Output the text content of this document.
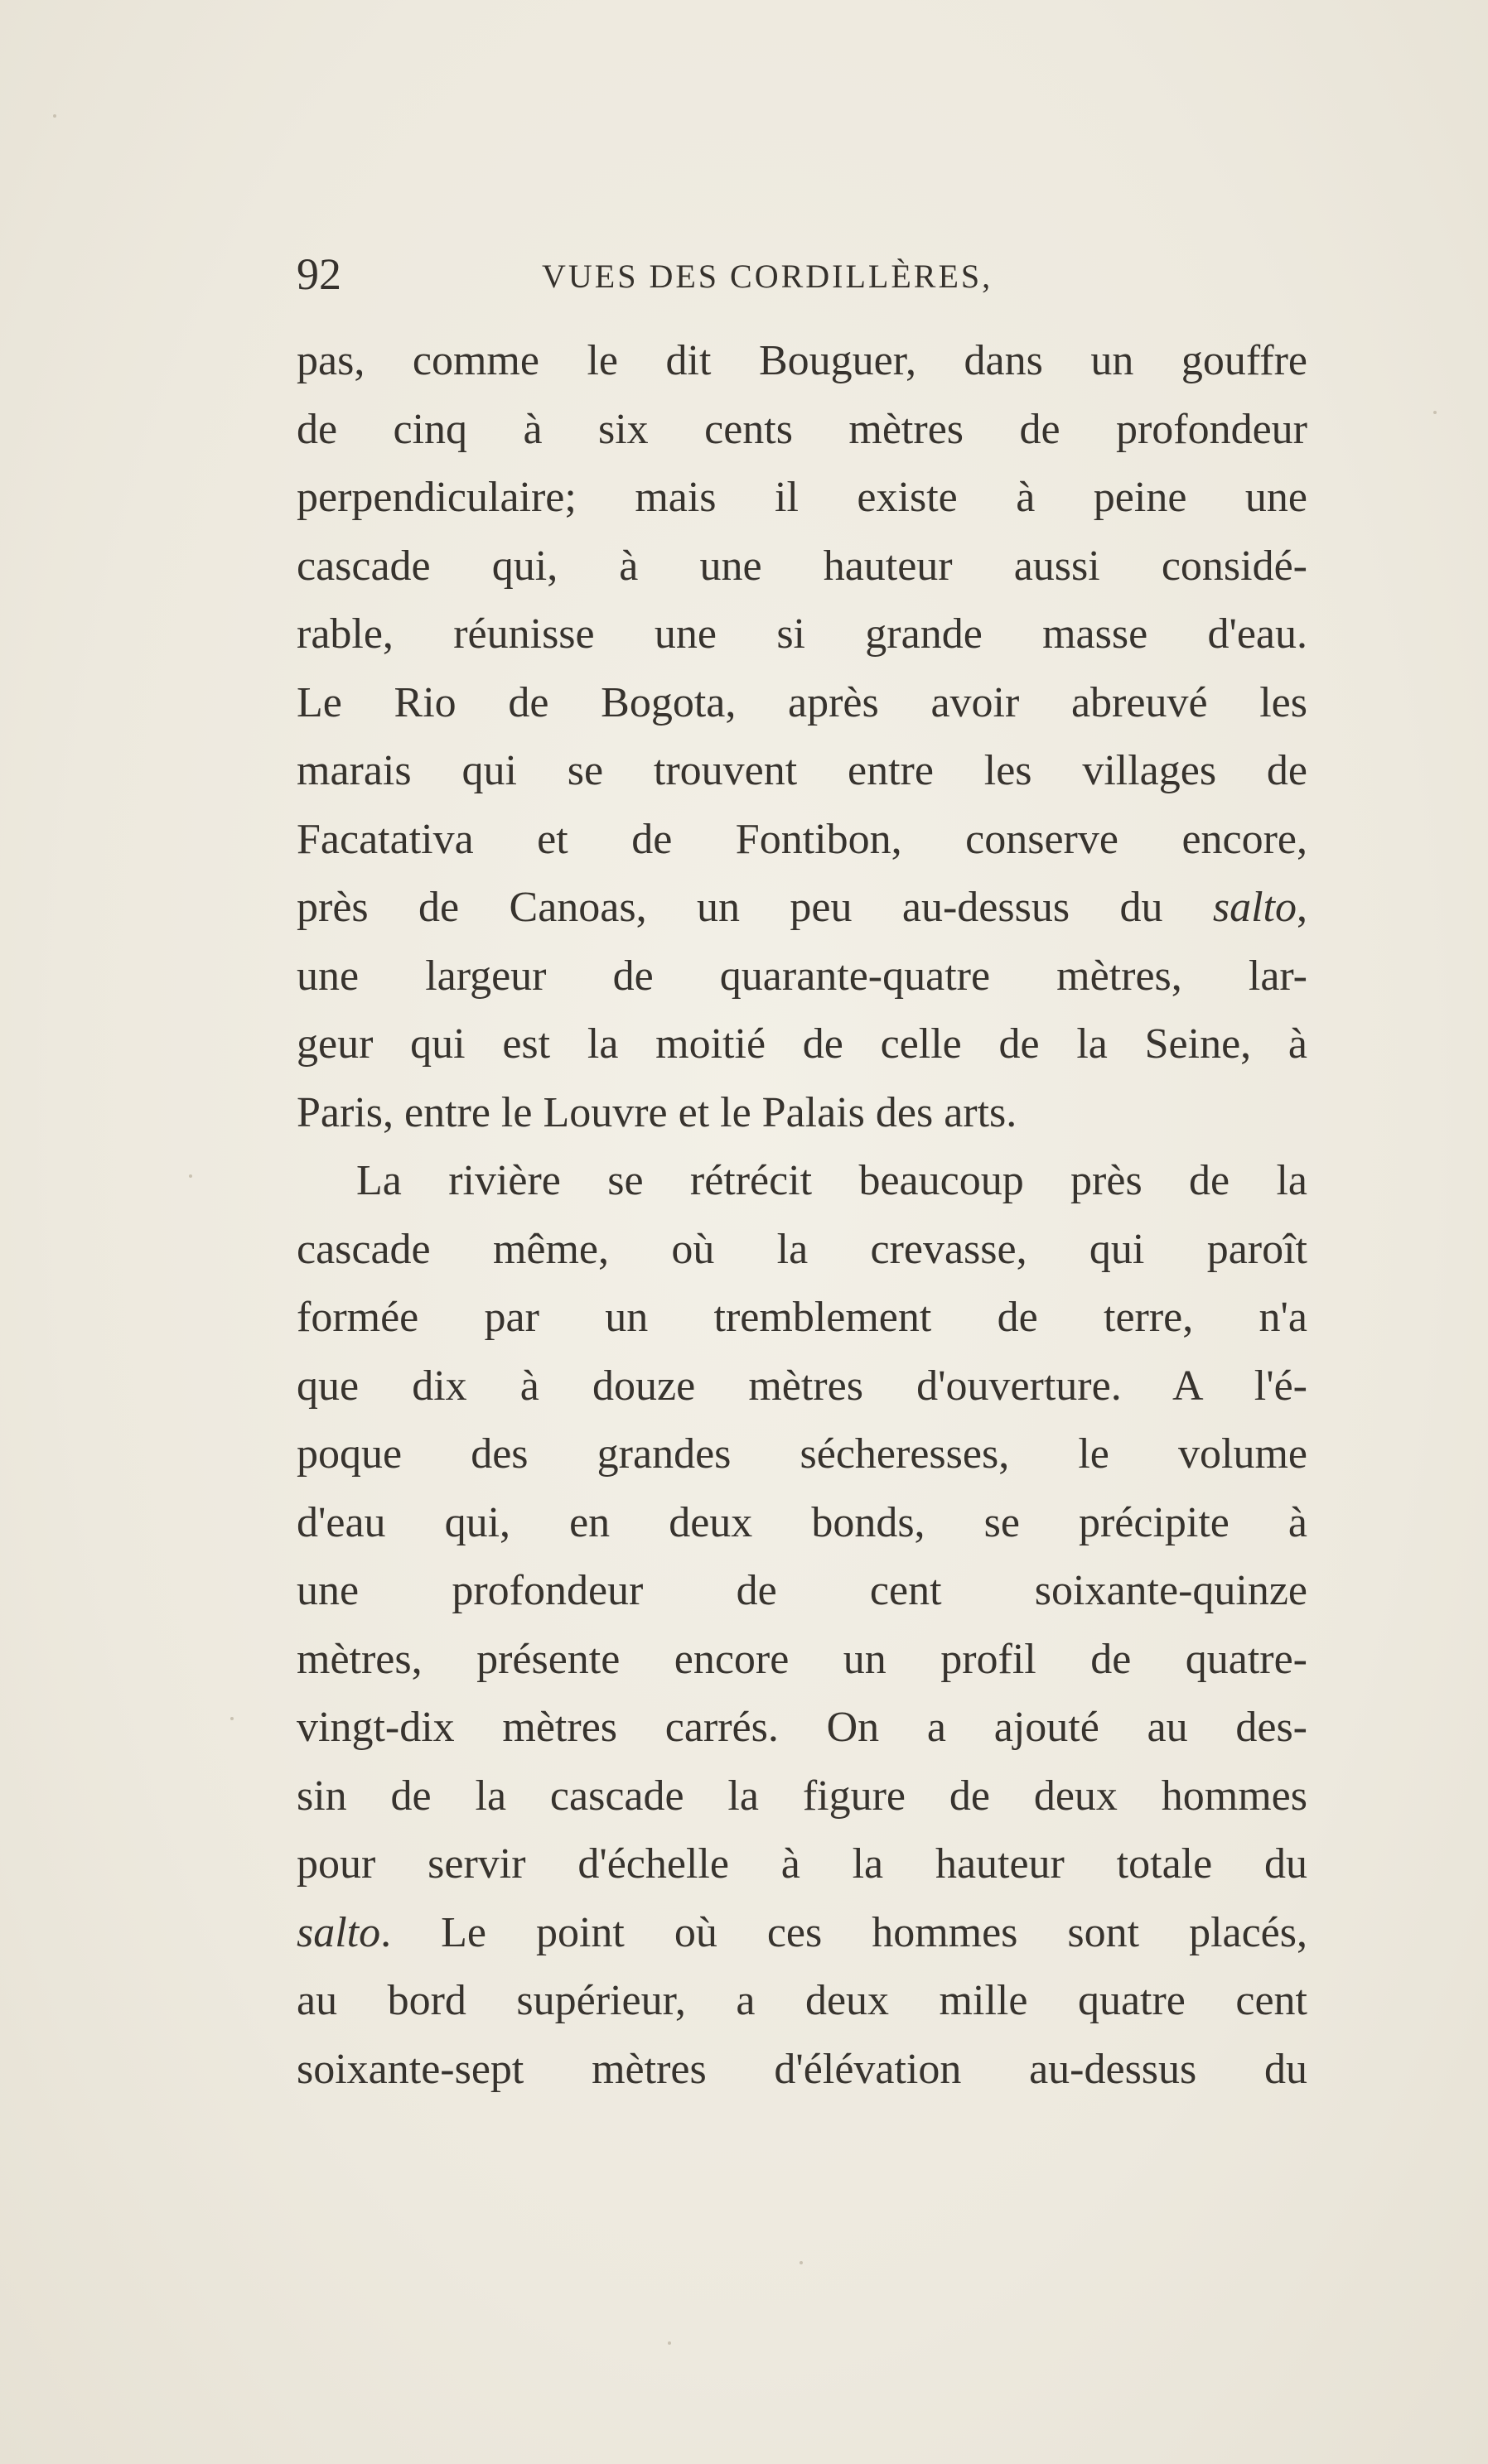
92	VUES DES CORDILLÈRES,
pas, comme le dit Bouguer, dans un gouffre
de cinq à six cents mètres de profondeur
perpendiculaire; mais il existe à peine une
cascade qui, à une hauteur aussi considé-
rable, réunisse une si grande masse d'eau.
Le Rio de Bogota, après avoir abreuvé les
marais qui se trouvent entre les villages de
Facatativa et de Fontibon, conserve encore,
près de Canoas, un peu au-dessus du salto,
une largeur de quarante-quatre mètres, lar-
geur qui est la moitié de celle de la Seine, à
Paris, entre le Louvre et le Palais des arts.
La rivière se rétrécit beaucoup près de la
cascade même, où la crevasse, qui paroît
formée par un tremblement de terre, n'a
que dix à douze mètres d'ouverture. A l'é-
poque des grandes sécheresses, le volume
d'eau qui, en deux bonds, se précipite à
une profondeur de cent soixante-quinze
mètres, présente encore un profil de quatre-
vingt-dix mètres carrés. On a ajouté au des-
sin de la cascade la figure de deux hommes
pour servir d'échelle à la hauteur totale du
salto. Le point où ces hommes sont placés,
au bord supérieur, a deux mille quatre cent
soixante-sept mètres d'élévation au-dessus du
